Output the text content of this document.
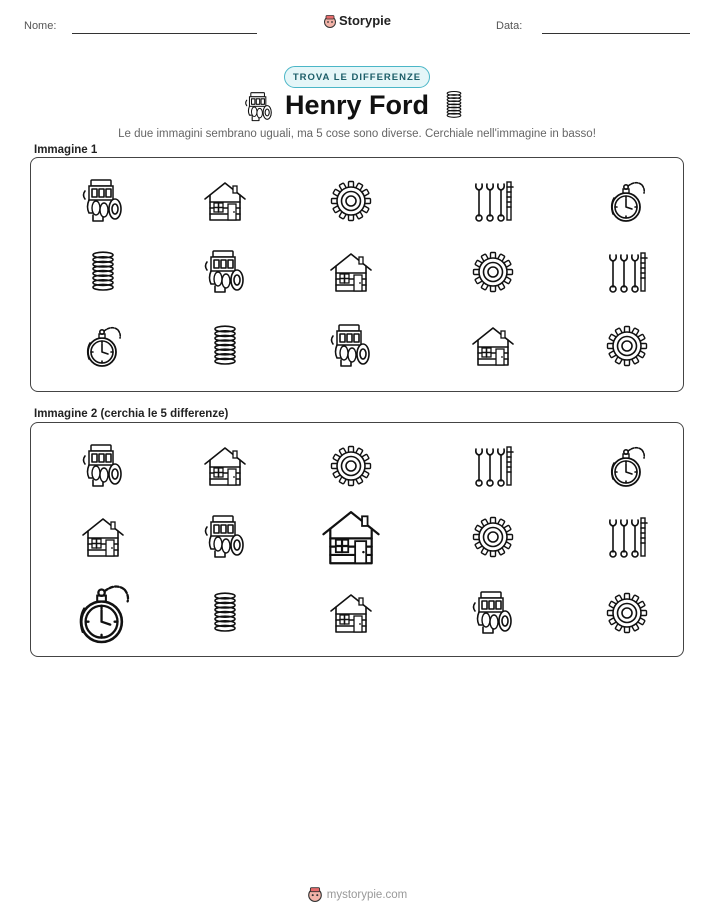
Nome:	Storypie	Data:
TROVA LE DIFFERENZE
Henry Ford
Le due immagini sembrano uguali, ma 5 cose sono diverse. Cerchiale nell'immagine in basso!
Immagine 1
Immagine 2 (cerchia le 5 differenze)
mystorypie.com
